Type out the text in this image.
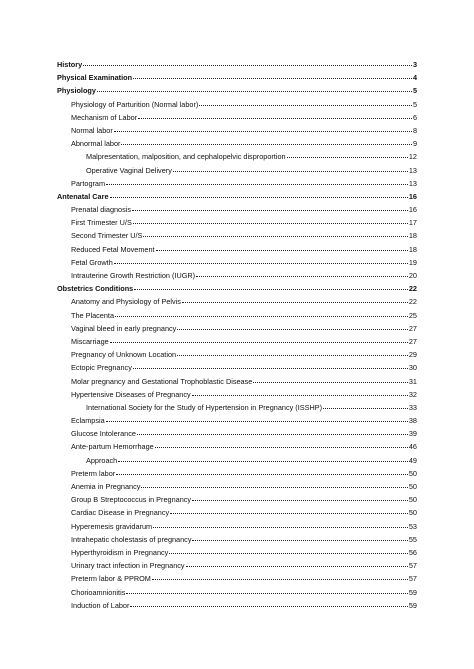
History	3
Physical Examination	4
Physiology	5
Physiology of Parturition (Normal labor)	5
Mechanism of Labor	6
Normal labor	8
Abnormal labor	9
Malpresentation, malposition, and cephalopelvic disproportion	12
Operative Vaginal Delivery	13
Partogram	13
Antenatal Care	16
Prenatal diagnosis	16
First Trimester U/S	17
Second Trimester U/S	18
Reduced Fetal Movement	18
Fetal Growth	19
Intrauterine Growth Restriction (IUGR)	20
Obstetrics Conditions	22
Anatomy and Physiology of Pelvis	22
The Placenta	25
Vaginal bleed in early pregnancy	27
Miscarriage	27
Pregnancy of Unknown Location	29
Ectopic Pregnancy	30
Molar pregnancy and Gestational Trophoblastic Disease	31
Hypertensive Diseases of Pregnancy	32
International Society for the Study of Hypertension in Pregnancy (ISSHP)	33
Eclampsia	38
Glucose Intolerance	39
Ante-partum Hemorrhage	46
Approach	49
Preterm labor	50
Anemia in Pregnancy	50
Group B Streptococcus in Pregnancy	50
Cardiac Disease in Pregnancy	50
Hyperemesis gravidarum	53
Intrahepatic cholestasis of pregnancy	55
Hyperthyroidism in Pregnancy	56
Urinary tract infection in Pregnancy	57
Preterm labor & PPROM	57
Chorioamnionitis	59
Induction of Labor	59
